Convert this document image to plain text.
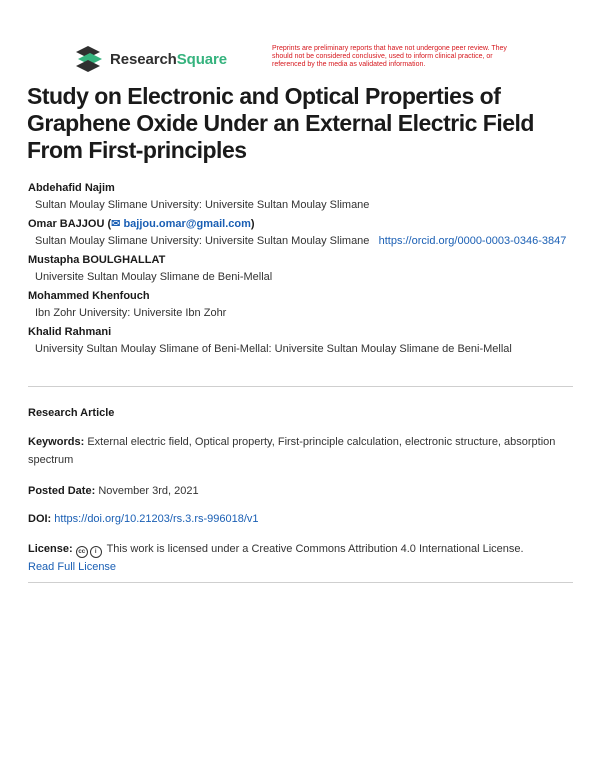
ResearchSquare
Preprints are preliminary reports that have not undergone peer review. They should not be considered conclusive, used to inform clinical practice, or referenced by the media as validated information.
Study on Electronic and Optical Properties of Graphene Oxide Under an External Electric Field From First-principles
Abdehafid Najim
Sultan Moulay Slimane University: Universite Sultan Moulay Slimane
Omar BAJJOU (✉ bajjou.omar@gmail.com)
Sultan Moulay Slimane University: Universite Sultan Moulay Slimane https://orcid.org/0000-0003-0346-3847
Mustapha BOULGHALLAT
Universite Sultan Moulay Slimane de Beni-Mellal
Mohammed Khenfouch
Ibn Zohr University: Universite Ibn Zohr
Khalid Rahmani
University Sultan Moulay Slimane of Beni-Mellal: Universite Sultan Moulay Slimane de Beni-Mellal
Research Article
Keywords: External electric field, Optical property, First-principle calculation, electronic structure, absorption spectrum
Posted Date: November 3rd, 2021
DOI: https://doi.org/10.21203/rs.3.rs-996018/v1
License: cc i This work is licensed under a Creative Commons Attribution 4.0 International License.
Read Full License
